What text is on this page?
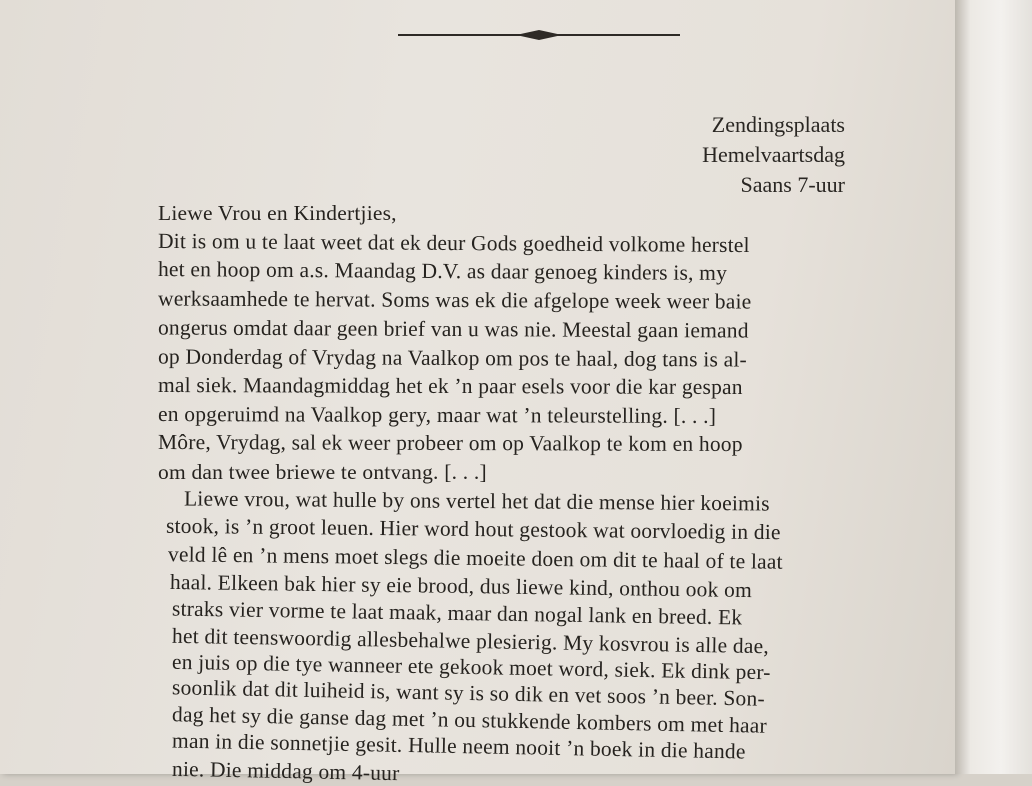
Zendingsplaats
Hemelvaartsdag
Saans 7-uur
Liewe Vrou en Kindertjies,
Dit is om u te laat weet dat ek deur Gods goedheid volkome herstel
het en hoop om a.s. Maandag D.V. as daar genoeg kinders is, my
werksaamhede te hervat. Soms was ek die afgelope week weer baie
ongerus omdat daar geen brief van u was nie. Meestal gaan iemand
op Donderdag of Vrydag na Vaalkop om pos te haal, dog tans is al-
mal siek. Maandagmiddag het ek ’n paar esels voor die kar gespan
en opgeruimd na Vaalkop gery, maar wat ’n teleurstelling. [. . .]
Môre, Vrydag, sal ek weer probeer om op Vaalkop te kom en hoop
om dan twee briewe te ontvang. [. . .]
Liewe vrou, wat hulle by ons vertel het dat die mense hier koeimis
stook, is ’n groot leuen. Hier word hout gestook wat oorvloedig in die
veld lê en ’n mens moet slegs die moeite doen om dit te haal of te laat
haal. Elkeen bak hier sy eie brood, dus liewe kind, onthou ook om
straks vier vorme te laat maak, maar dan nogal lank en breed. Ek
het dit teenswoordig allesbehalwe plesierig. My kosvrou is alle dae,
en juis op die tye wanneer ete gekook moet word, siek. Ek dink per-
soonlik dat dit luiheid is, want sy is so dik en vet soos ’n beer. Son-
dag het sy die ganse dag met ’n ou stukkende kombers om met haar
man in die sonnetjie gesit. Hulle neem nooit ’n boek in die hande
nie. Die middag om 4-uur
